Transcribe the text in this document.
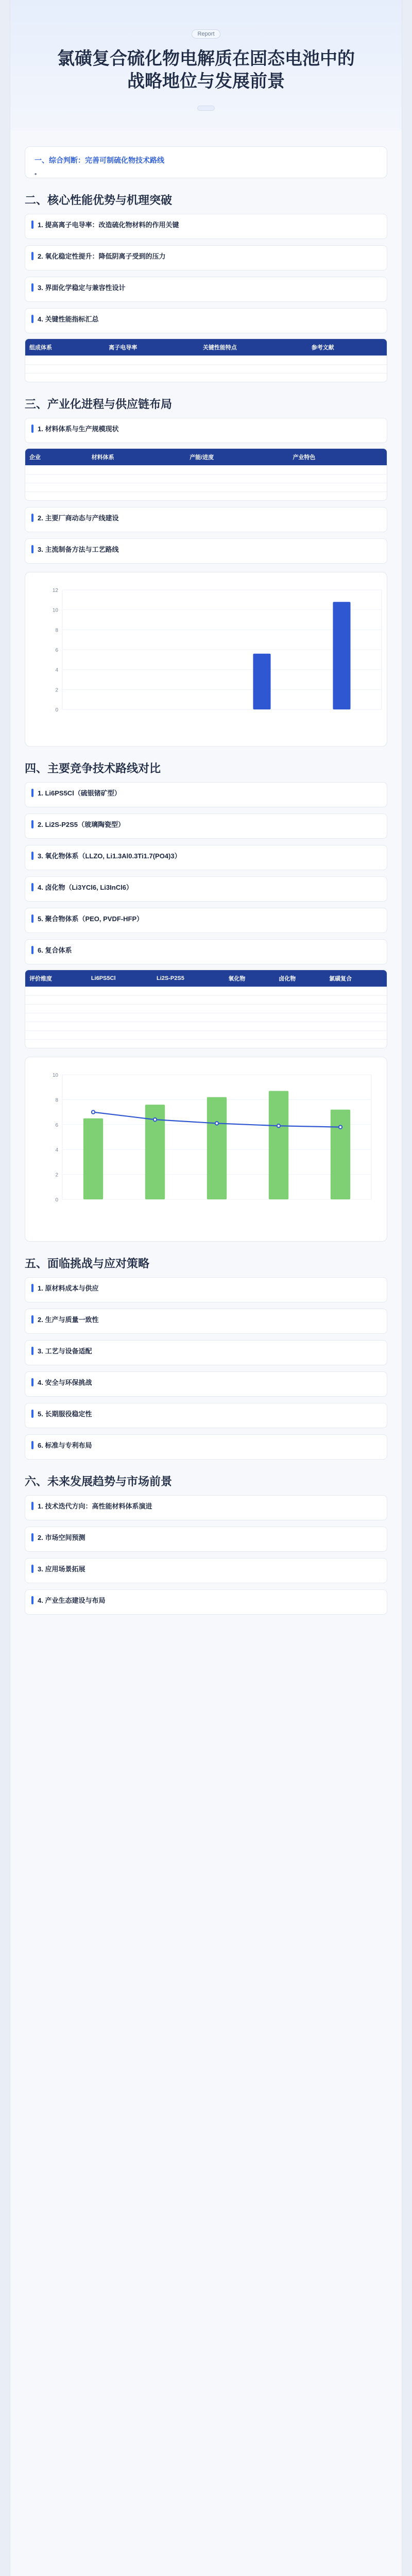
Report
氯磺复合硫化物电解质在固态电池中的
战略地位与发展前景
一、综合判断：完善可制硫化物技术路线
二、核心性能优势与机理突破
1. 提高离子电导率：改造硫化物材料的作用关键
2. 氧化稳定性提升：降低阴离子受到的压力
3. 界面化学稳定与兼容性设计
4. 关键性能指标汇总
组成体系	离子电导率	关键性能特点	参考文献

三、产业化进程与供应链布局
1. 材料体系与生产规模现状
企业	材料体系	产能/进度	产业特色

2. 主要厂商动态与产线建设
3. 主流制备方法与工艺路线
0
2
4
6
8
10
12
四、主要竞争技术路线对比
1. Li6PS5Cl（硫银锗矿型）
2. Li2S-P2S5（玻璃陶瓷型）
3. 氧化物体系（LLZO, Li1.3Al0.3Ti1.7(PO4)3）
4. 卤化物（Li3YCl6, Li3InCl6）
5. 聚合物体系（PEO, PVDF-HFP）
6. 复合体系
评价维度	Li6PS5Cl	Li2S-P2S5	氧化物	卤化物	氯磺复合

0
2
4
6
8
10
五、面临挑战与应对策略
1. 原材料成本与供应
2. 生产与质量一致性
3. 工艺与设备适配
4. 安全与环保挑战
5. 长期服役稳定性
6. 标准与专利布局
六、未来发展趋势与市场前景
1. 技术迭代方向：高性能材料体系演进
2. 市场空间预测
3. 应用场景拓展
4. 产业生态建设与布局
